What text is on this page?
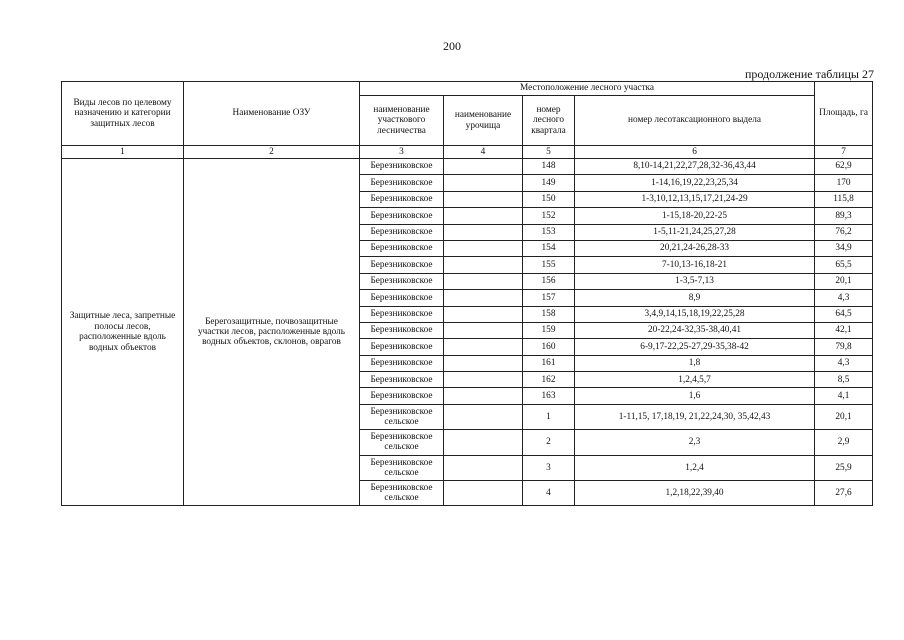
200
продолжение таблицы 27
Виды лесов по целевому назначению и категории защитных лесов	Наименование ОЗУ	Местоположение лесного участка				Площадь, га
		наименование участкового лесничества	наименование урочища	номер лесного квартала	номер лесотаксационного выдела	
1	2	3	4	5	6	7
Защитные леса, запретные полосы лесов, расположенные вдоль водных объектов	Берегозащитные, почвозащитные участки лесов, расположенные вдоль водных объектов, склонов, оврагов	Березниковское		148	8,10-14,21,22,27,28,32-36,43,44	62,9
		Березниковское		149	1-14,16,19,22,23,25,34	170
		Березниковское		150	1-3,10,12,13,15,17,21,24-29	115,8
		Березниковское		152	1-15,18-20,22-25	89,3
		Березниковское		153	1-5,11-21,24,25,27,28	76,2
		Березниковское		154	20,21,24-26,28-33	34,9
		Березниковское		155	7-10,13-16,18-21	65,5
		Березниковское		156	1-3,5-7,13	20,1
		Березниковское		157	8,9	4,3
		Березниковское		158	3,4,9,14,15,18,19,22,25,28	64,5
		Березниковское		159	20-22,24-32,35-38,40,41	42,1
		Березниковское		160	6-9,17-22,25-27,29-35,38-42	79,8
		Березниковское		161	1,8	4,3
		Березниковское		162	1,2,4,5,7	8,5
		Березниковское		163	1,6	4,1
		Березниковское сельское		1	1-11,15, 17,18,19, 21,22,24,30, 35,42,43	20,1
		Березниковское сельское		2	2,3	2,9
		Березниковское сельское		3	1,2,4	25,9
		Березниковское сельское		4	1,2,18,22,39,40	27,6
